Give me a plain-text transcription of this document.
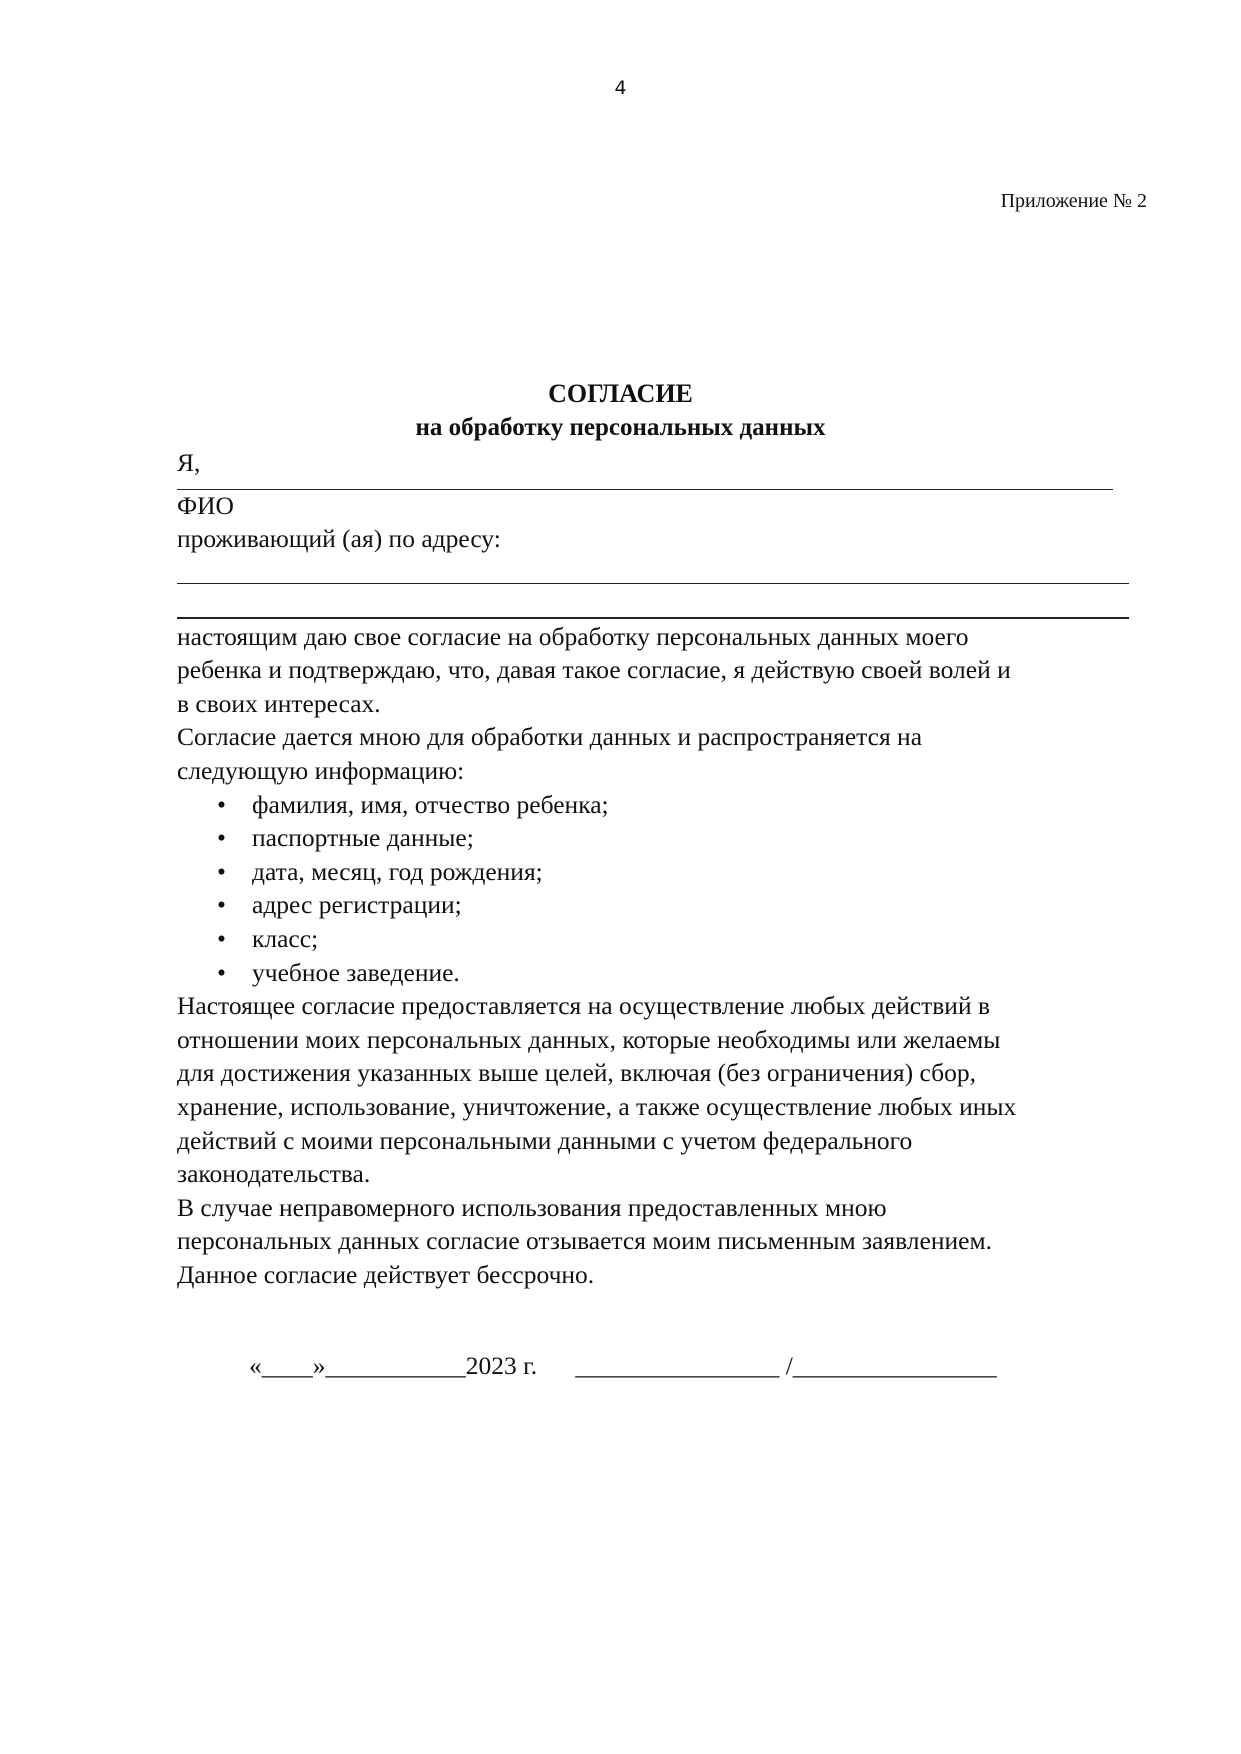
4
Приложение № 2
СОГЛАСИЕ
на обработку персональных данных
Я,
ФИО
проживающий (ая) по адресу:
настоящим даю свое согласие на обработку персональных данных моего
ребенка и подтверждаю, что, давая такое согласие, я действую своей волей и
в своих интересах.
Согласие дается мною для обработки данных и распространяется на
следующую информацию:
• фамилия, имя, отчество ребенка;
• паспортные данные;
• дата, месяц, год рождения;
• адрес регистрации;
• класс;
• учебное заведение.
Настоящее согласие предоставляется на осуществление любых действий в
отношении моих персональных данных, которые необходимы или желаемы
для достижения указанных выше целей, включая (без ограничения) сбор,
хранение, использование, уничтожение, а также осуществление любых иных
действий с моими персональными данными с учетом федерального
законодательства.
В случае неправомерного использования предоставленных мною
персональных данных согласие отзывается моим письменным заявлением.
Данное согласие действует бессрочно.
«____»___________2023 г.      ________________ /________________
